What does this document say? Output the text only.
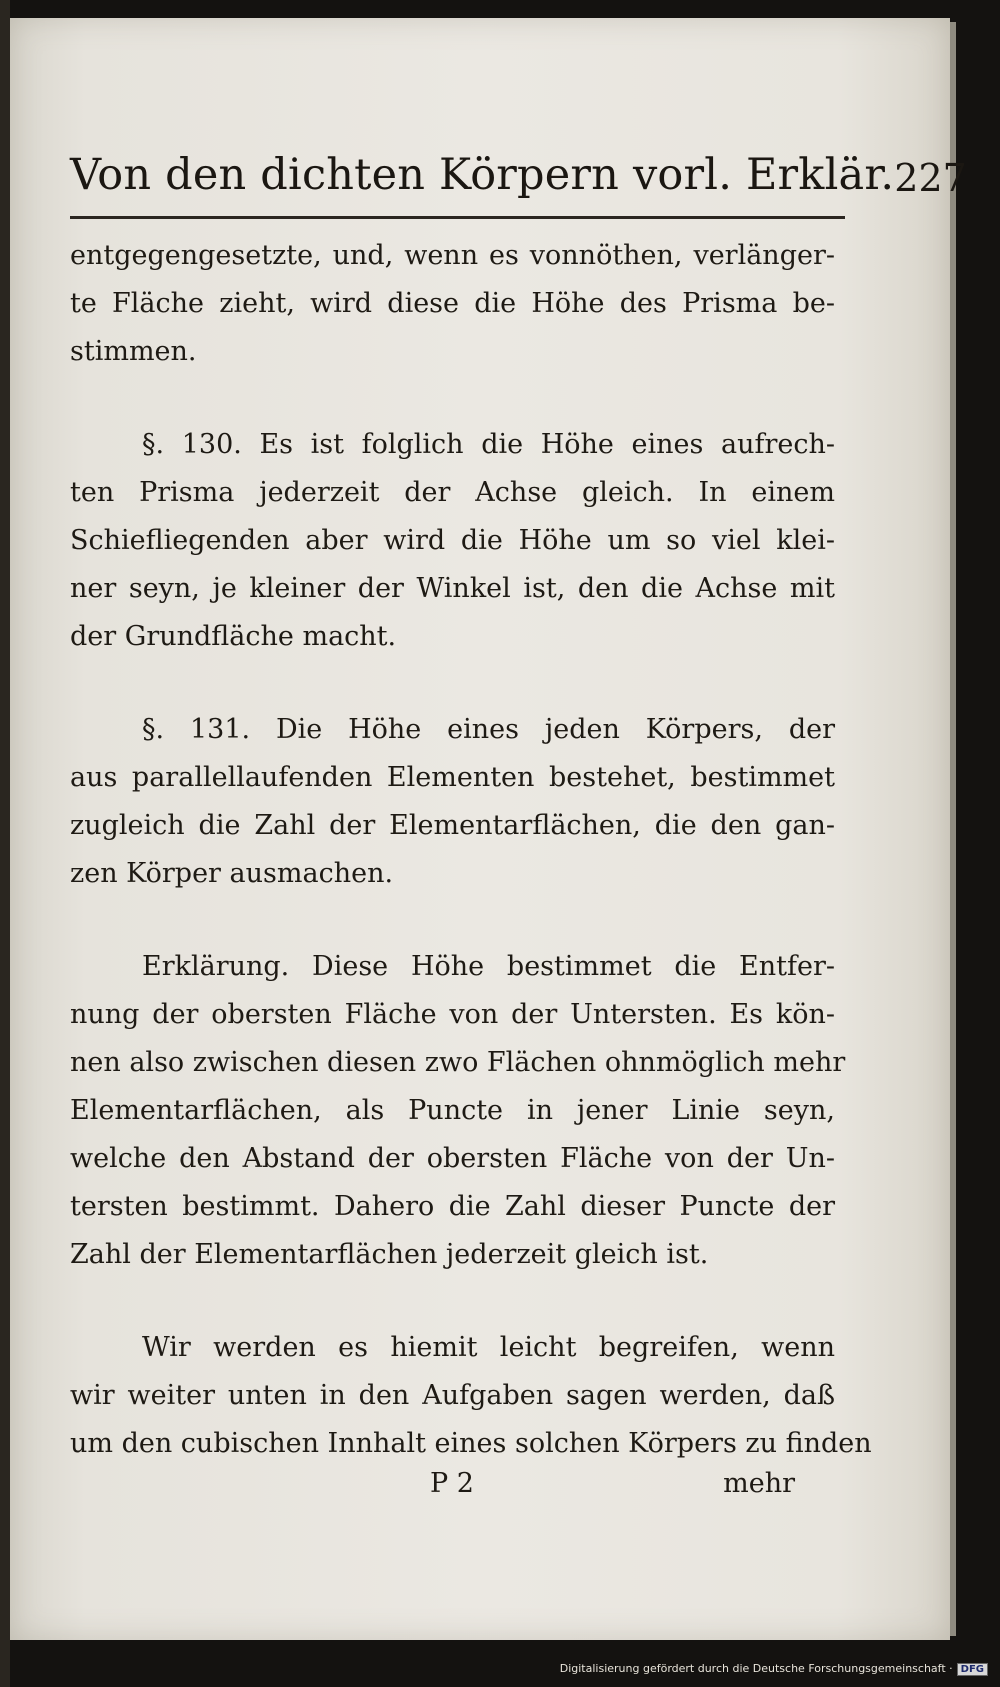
Von den dichten Körpern vorl. Erklär. 227
entgegengesetzte, und, wenn es vonnöthen, verlänger-
te Fläche zieht, wird diese die Höhe des Prisma be-
stimmen.
§. 130. Es ist folglich die Höhe eines aufrech-
ten Prisma jederzeit der Achse gleich. In einem
Schiefliegenden aber wird die Höhe um so viel klei-
ner seyn, je kleiner der Winkel ist, den die Achse mit
der Grundfläche macht.
§. 131. Die Höhe eines jeden Körpers, der
aus parallellaufenden Elementen bestehet, bestimmet
zugleich die Zahl der Elementarflächen, die den gan-
zen Körper ausmachen.
Erklärung. Diese Höhe bestimmet die Entfer-
nung der obersten Fläche von der Untersten. Es kön-
nen also zwischen diesen zwo Flächen ohnmöglich mehr
Elementarflächen, als Puncte in jener Linie seyn,
welche den Abstand der obersten Fläche von der Un-
tersten bestimmt. Dahero die Zahl dieser Puncte der
Zahl der Elementarflächen jederzeit gleich ist.
Wir werden es hiemit leicht begreifen, wenn
wir weiter unten in den Aufgaben sagen werden, daß
um den cubischen Innhalt eines solchen Körpers zu finden
P 2	mehr
Digitalisierung gefördert durch die Deutsche Forschungsgemeinschaft · DFG
